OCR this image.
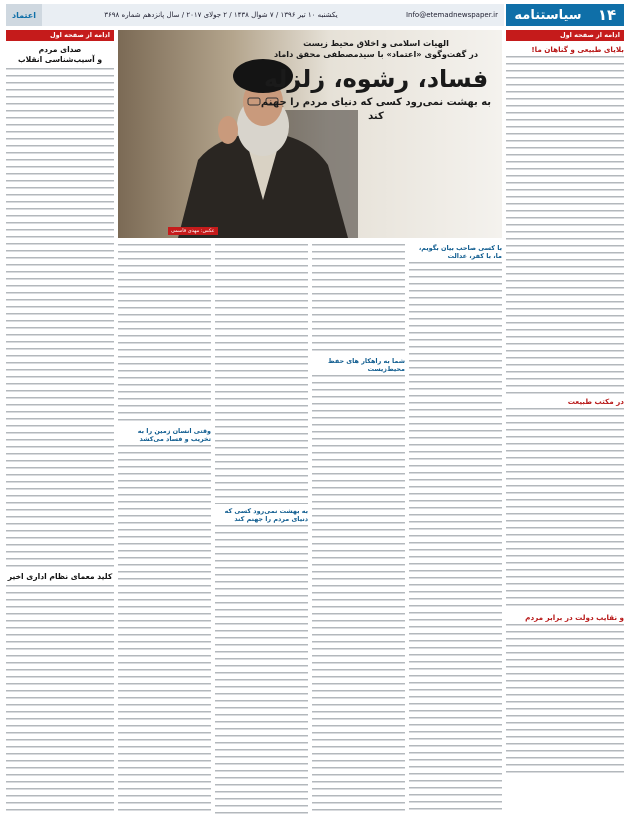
۱۴
سیاستنامه
Info@etemadnewspaper.ir
یکشنبه ۱۰ تیر ۱۳۹۶ / ۷ شوال ۱۴۳۸ / ۲ جولای ۲۰۱۷ / سال پانزدهم شماره ۳۶۹۸
اعتماد
ادامه از صفحه اول
بلایای طبیعی و گناهان ما!
در مکتب طبیعت
و نقایب دولت در برابر مردم
الهیات اسلامی و اخلاق محیط زیست
در گفت‌وگوی «اعتماد» با سیدمصطفی محقق داماد
فساد، رشوه، زلزله
به بهشت نمی‌رود کسی که دنیای مردم را جهنم کند
عکس: مهدی قاسمی
با کسی صاحب بیان بگویم، ما، با کفر، عدالت
شما به راهکار های حفظ محیط‌زیست
به بهشت نمی‌رود کسی که دنیای مردم را جهنم کند
وقتی انسان زمین را به تخریب و فساد می‌کشد
ادامه از صفحه اول
صدای مردم
و آسیب‌شناسی انقلاب
کلید معمای نظام اداری اخیر
